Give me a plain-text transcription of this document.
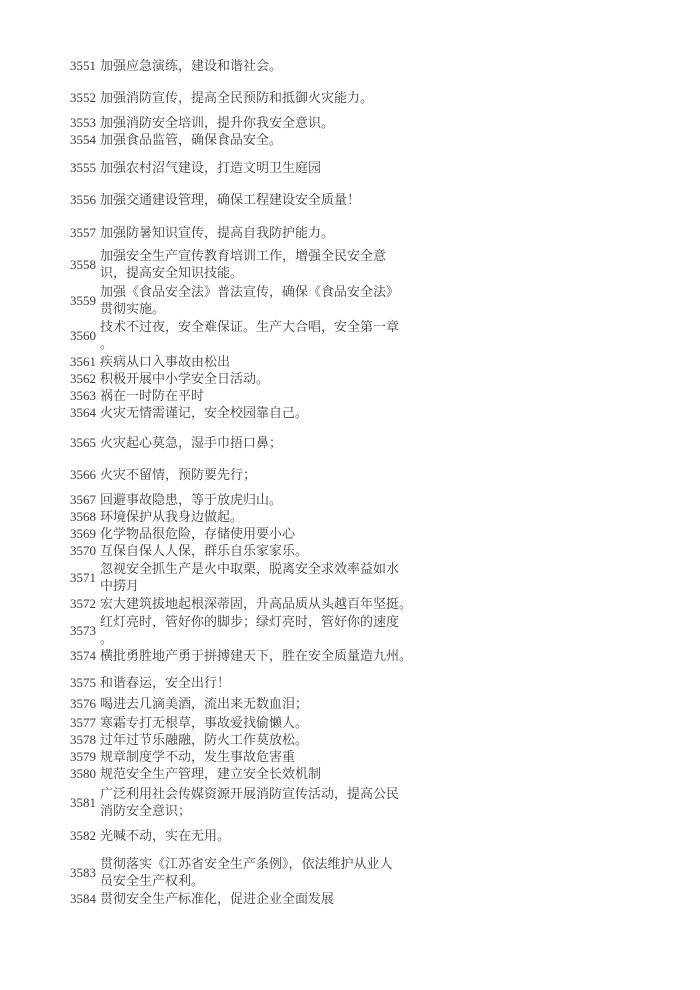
3551 加强应急演练，建设和谐社会。
3552 加强消防宣传，提高全民预防和抵御火灾能力。
3553 加强消防安全培训，提升你我安全意识。
3554 加强食品监管，确保食品安全。
3555 加强农村沼气建设，打造文明卫生庭园
3556 加强交通建设管理，确保工程建设安全质量！
3557 加强防暑知识宣传，提高自我防护能力。
3558
加强安全生产宣传教育培训工作，增强全民安全意
识，提高安全知识技能。
3559
加强《食品安全法》普法宣传，确保《食品安全法》
贯彻实施。
3560
技术不过夜，安全难保证。生产大合唱，安全第一章
。
3561 疾病从口入事故由松出
3562 积极开展中小学安全日活动。
3563 祸在一时防在平时
3564 火灾无情需谨记，安全校园靠自己。
3565 火灾起心莫急，湿手巾捂口鼻；
3566 火灾不留情，预防要先行；
3567 回避事故隐患，等于放虎归山。
3568 环境保护从我身边做起。
3569 化学物品很危险，存储使用要小心
3570 互保自保人人保，群乐自乐家家乐。
3571
忽视安全抓生产是火中取栗，脱离安全求效率益如水
中捞月
3572 宏大建筑拔地起根深蒂固，升高品质从头越百年坚挺。
3573
红灯亮时，管好你的脚步；绿灯亮时，管好你的速度
。
3574 横批勇胜地产勇于拼搏建天下，胜在安全质量造九州。
3575 和谐春运，安全出行！
3576 喝进去几滴美酒，流出来无数血泪；
3577 寒霜专打无根草，事故爱找偷懒人。
3578 过年过节乐融融，防火工作莫放松。
3579 规章制度学不动，发生事故危害重
3580 规范安全生产管理，建立安全长效机制
3581
广泛利用社会传媒资源开展消防宣传活动，提高公民
消防安全意识；
3582 光喊不动，实在无用。
3583
贯彻落实《江苏省安全生产条例》，依法维护从业人
员安全生产权利。
3584 贯彻安全生产标准化，促进企业全面发展
